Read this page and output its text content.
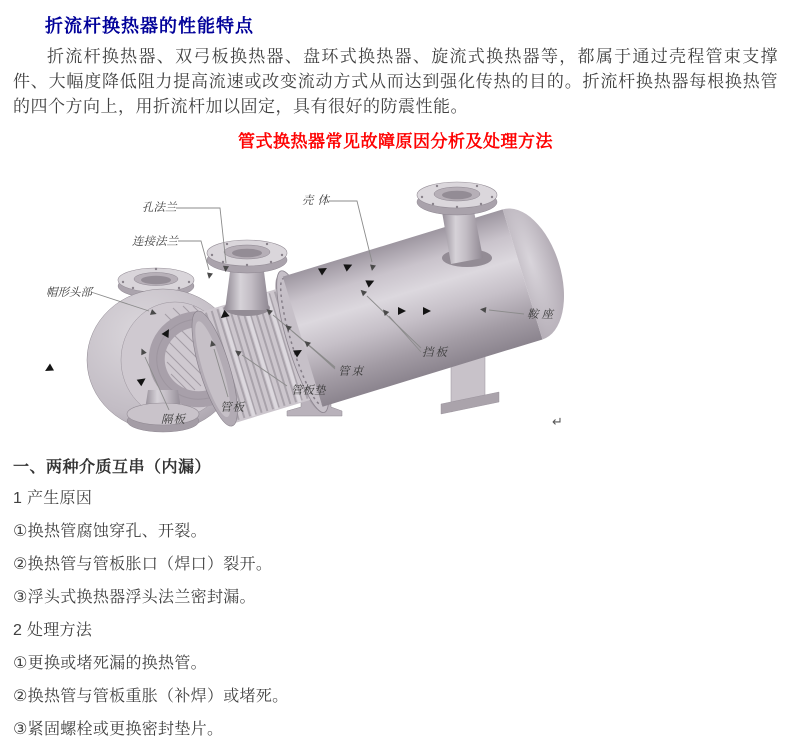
折流杆换热器的性能特点

折流杆换热器、双弓板换热器、盘环式换热器、旋流式换热器等，都属于通过壳程管束支撑件、大幅度降低阻力提高流速或改变流动方式从而达到强化传热的目的。折流杆换热器每根换热管的四个方向上，用折流杆加以固定，具有很好的防震性能。

管式换热器常见故障原因分析及处理方法
孔法兰
连接法兰
壳体
帽形头部
鞍座
挡板
管束
管板垫
管板
隔板	↵
一、两种介质互串（内漏）

1 产生原因

①换热管腐蚀穿孔、开裂。

②换热管与管板胀口（焊口）裂开。

③浮头式换热器浮头法兰密封漏。

2 处理方法

①更换或堵死漏的换热管。

②换热管与管板重胀（补焊）或堵死。

③紧固螺栓或更换密封垫片。
